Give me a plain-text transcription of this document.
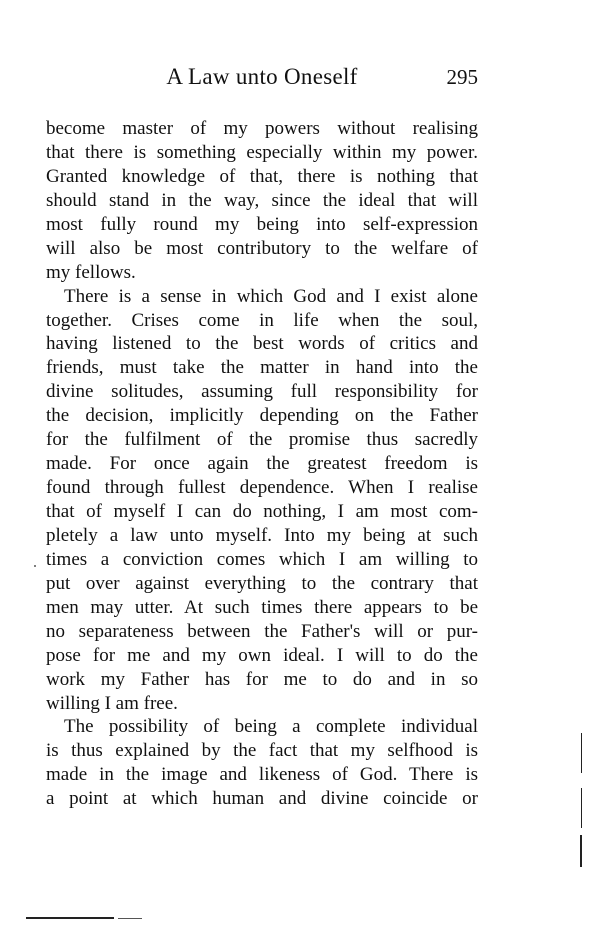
A Law unto Oneself	295
become master of my powers without realising
that there is something especially within my power.
Granted knowledge of that, there is nothing that
should stand in the way, since the ideal that will
most fully round my being into self-expression
will also be most contributory to the welfare of
my fellows.
There is a sense in which God and I exist alone
together. Crises come in life when the soul,
having listened to the best words of critics and
friends, must take the matter in hand into the
divine solitudes, assuming full responsibility for
the decision, implicitly depending on the Father
for the fulfilment of the promise thus sacredly
made. For once again the greatest freedom is
found through fullest dependence. When I realise
that of myself I can do nothing, I am most com-
pletely a law unto myself. Into my being at such
times a conviction comes which I am willing to
put over against everything to the contrary that
men may utter. At such times there appears to be
no separateness between the Father's will or pur-
pose for me and my own ideal. I will to do the
work my Father has for me to do and in so
willing I am free.
The possibility of being a complete individual
is thus explained by the fact that my selfhood is
made in the image and likeness of God. There is
a point at which human and divine coincide or
